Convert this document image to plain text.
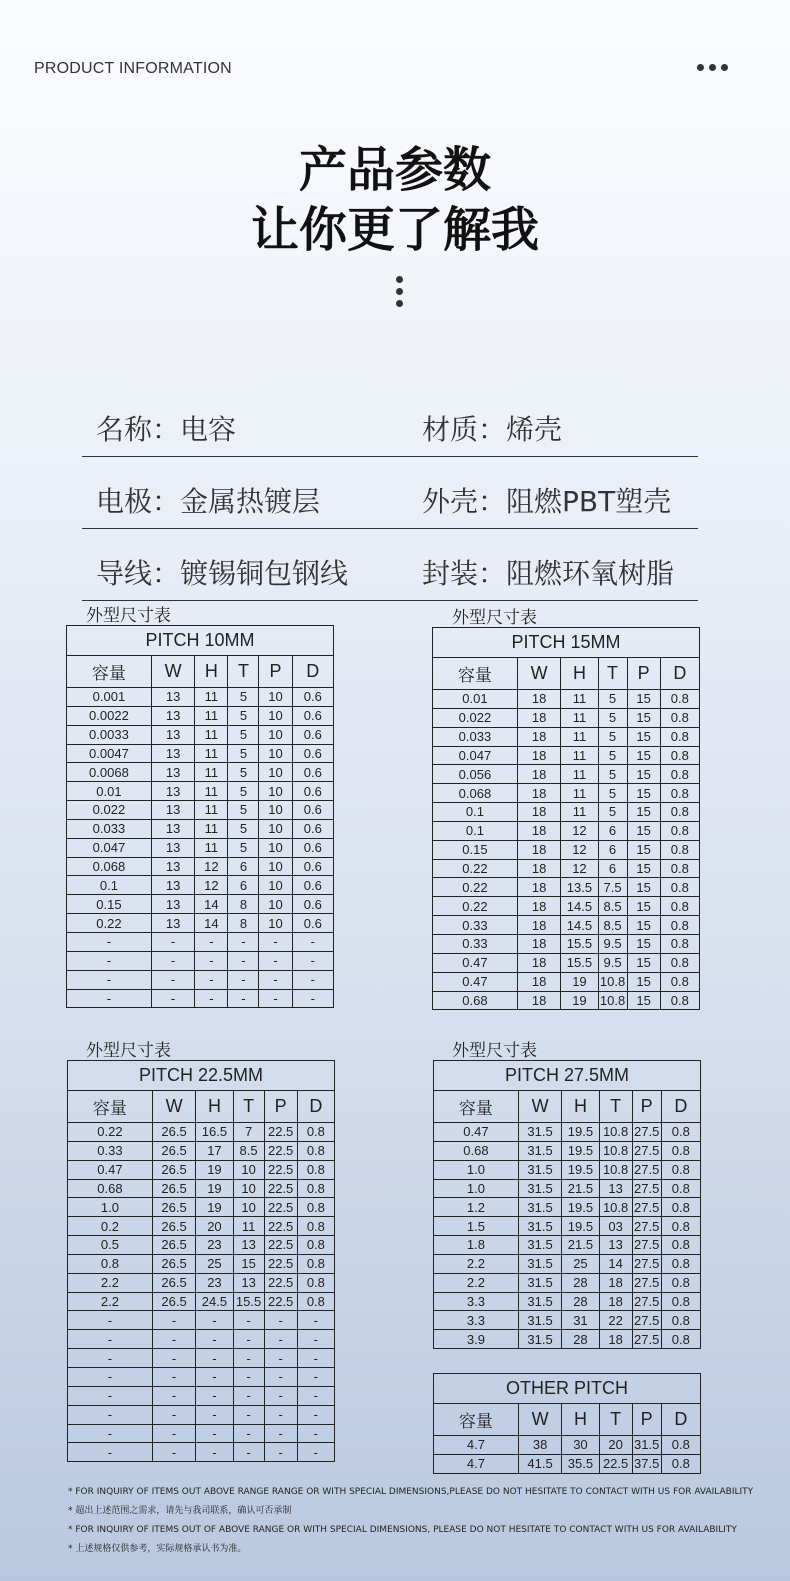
PRODUCT INFORMATION
产品参数
让你更了解我
名称：电容	材质：烯壳
电极：金属热镀层	外壳：阻燃PBT塑壳
导线：镀锡铜包钢线	封装：阻燃环氧树脂
外型尺寸表	外型尺寸表
外型尺寸表	外型尺寸表
PITCH 10MM					
容量	W	H	T	P	D
0.001	13	11	5	10	0.6
0.0022	13	11	5	10	0.6
0.0033	13	11	5	10	0.6
0.0047	13	11	5	10	0.6
0.0068	13	11	5	10	0.6
0.01	13	11	5	10	0.6
0.022	13	11	5	10	0.6
0.033	13	11	5	10	0.6
0.047	13	11	5	10	0.6
0.068	13	12	6	10	0.6
0.1	13	12	6	10	0.6
0.15	13	14	8	10	0.6
0.22	13	14	8	10	0.6
-	-	-	-	-	-
-	-	-	-	-	-
-	-	-	-	-	-
-	-	-	-	-	-
PITCH 15MM					
容量	W	H	T	P	D
0.01	18	11	5	15	0.8
0.022	18	11	5	15	0.8
0.033	18	11	5	15	0.8
0.047	18	11	5	15	0.8
0.056	18	11	5	15	0.8
0.068	18	11	5	15	0.8
0.1	18	11	5	15	0.8
0.1	18	12	6	15	0.8
0.15	18	12	6	15	0.8
0.22	18	12	6	15	0.8
0.22	18	13.5	7.5	15	0.8
0.22	18	14.5	8.5	15	0.8
0.33	18	14.5	8.5	15	0.8
0.33	18	15.5	9.5	15	0.8
0.47	18	15.5	9.5	15	0.8
0.47	18	19	10.8	15	0.8
0.68	18	19	10.8	15	0.8
PITCH 22.5MM					
容量	W	H	T	P	D
0.22	26.5	16.5	7	22.5	0.8
0.33	26.5	17	8.5	22.5	0.8
0.47	26.5	19	10	22.5	0.8
0.68	26.5	19	10	22.5	0.8
1.0	26.5	19	10	22.5	0.8
0.2	26.5	20	11	22.5	0.8
0.5	26.5	23	13	22.5	0.8
0.8	26.5	25	15	22.5	0.8
2.2	26.5	23	13	22.5	0.8
2.2	26.5	24.5	15.5	22.5	0.8
-	-	-	-	-	-
-	-	-	-	-	-
-	-	-	-	-	-
-	-	-	-	-	-
-	-	-	-	-	-
-	-	-	-	-	-
-	-	-	-	-	-
-	-	-	-	-	-
PITCH 27.5MM					
容量	W	H	T	P	D
0.47	31.5	19.5	10.8	27.5	0.8
0.68	31.5	19.5	10.8	27.5	0.8
1.0	31.5	19.5	10.8	27.5	0.8
1.0	31.5	21.5	13	27.5	0.8
1.2	31.5	19.5	10.8	27.5	0.8
1.5	31.5	19.5	03	27.5	0.8
1.8	31.5	21.5	13	27.5	0.8
2.2	31.5	25	14	27.5	0.8
2.2	31.5	28	18	27.5	0.8
3.3	31.5	28	18	27.5	0.8
3.3	31.5	31	22	27.5	0.8
3.9	31.5	28	18	27.5	0.8
OTHER PITCH					
容量	W	H	T	P	D
4.7	38	30	20	31.5	0.8
4.7	41.5	35.5	22.5	37.5	0.8
* FOR INQUIRY OF ITEMS OUT ABOVE RANGE RANGE OR WITH SPECIAL DIMENSIONS,PLEASE DO NOT HESITATE TO CONTACT WITH US FOR AVAILABILITY
* 超出上述范围之需求，请先与我司联系，确认可否承制
* FOR INQUIRY OF ITEMS OUT OF ABOVE RANGE OR WITH SPECIAL DIMENSIONS, PLEASE DO NOT HESITATE TO CONTACT WITH US FOR AVAILABILITY
* 上述规格仅供参考，实际规格承认书为准。
